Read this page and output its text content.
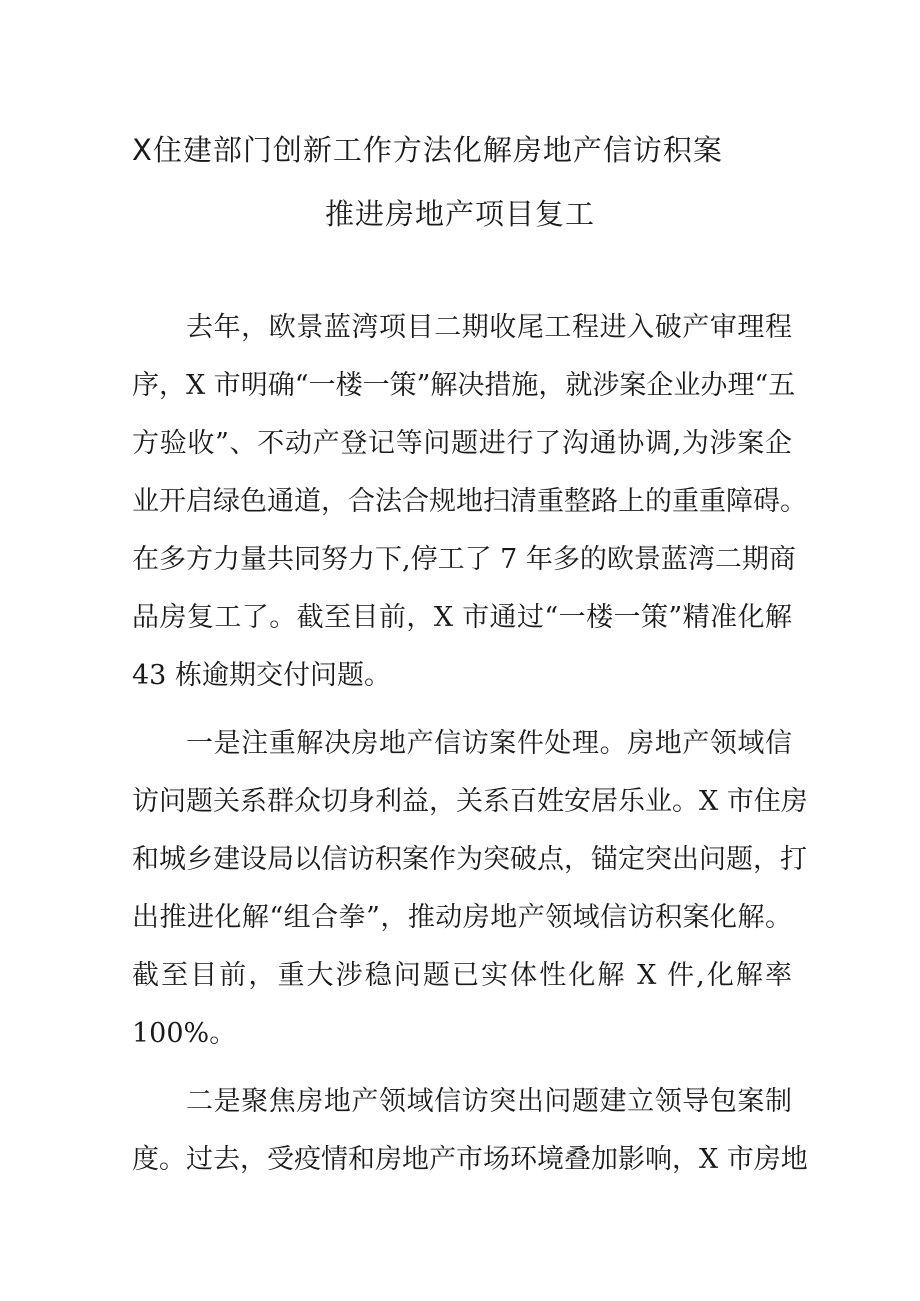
X住建部门创新工作方法化解房地产信访积案
推进房地产项目复工
去年，欧景蓝湾项目二期收尾工程进入破产审理程
序，X 市明确“一楼一策”解决措施，就涉案企业办理“五
方验收”、不动产登记等问题进行了沟通协调,为涉案企
业开启绿色通道，合法合规地扫清重整路上的重重障碍。
在多方力量共同努力下,停工了 7 年多的欧景蓝湾二期商
品房复工了。截至目前，X 市通过“一楼一策”精准化解
43 栋逾期交付问题。
一是注重解决房地产信访案件处理。房地产领域信
访问题关系群众切身利益，关系百姓安居乐业。X 市住房
和城乡建设局以信访积案作为突破点，锚定突出问题，打
出推进化解“组合拳”，推动房地产领域信访积案化解。
截至目前，重大涉稳问题已实体性化解 X 件,化解率
100%。
二是聚焦房地产领域信访突出问题建立领导包案制
度。过去，受疫情和房地产市场环境叠加影响，X 市房地
